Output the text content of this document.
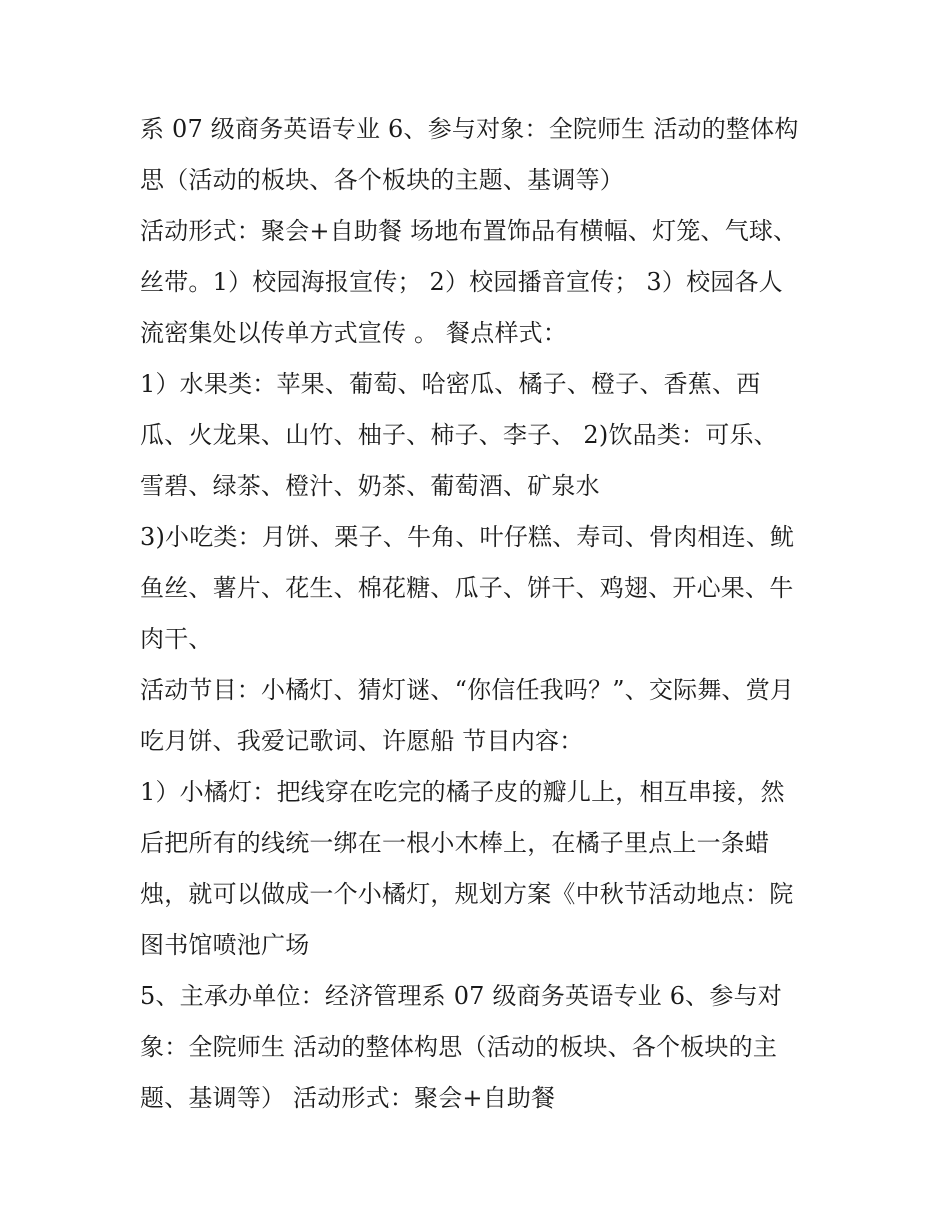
系 07 级商务英语专业 6、参与对象：全院师生 活动的整体构
思（活动的板块、各个板块的主题、基调等）
活动形式：聚会+自助餐 场地布置饰品有横幅、灯笼、气球、
丝带。1）校园海报宣传； 2）校园播音宣传； 3）校园各人
流密集处以传单方式宣传 。 餐点样式：
1）水果类：苹果、葡萄、哈密瓜、橘子、橙子、香蕉、西
瓜、火龙果、山竹、柚子、柿子、李子、 2)饮品类：可乐、
雪碧、绿茶、橙汁、奶茶、葡萄酒、矿泉水
3)小吃类：月饼、栗子、牛角、叶仔糕、寿司、骨肉相连、鱿
鱼丝、薯片、花生、棉花糖、瓜子、饼干、鸡翅、开心果、牛
肉干、
活动节目：小橘灯、猜灯谜、“你信任我吗？”、交际舞、赏月
吃月饼、我爱记歌词、许愿船 节目内容：
1）小橘灯：把线穿在吃完的橘子皮的瓣儿上，相互串接，然
后把所有的线统一绑在一根小木棒上，在橘子里点上一条蜡
烛，就可以做成一个小橘灯，规划方案《中秋节活动地点：院
图书馆喷池广场
5、主承办单位：经济管理系 07 级商务英语专业 6、参与对
象：全院师生 活动的整体构思（活动的板块、各个板块的主
题、基调等） 活动形式：聚会+自助餐
